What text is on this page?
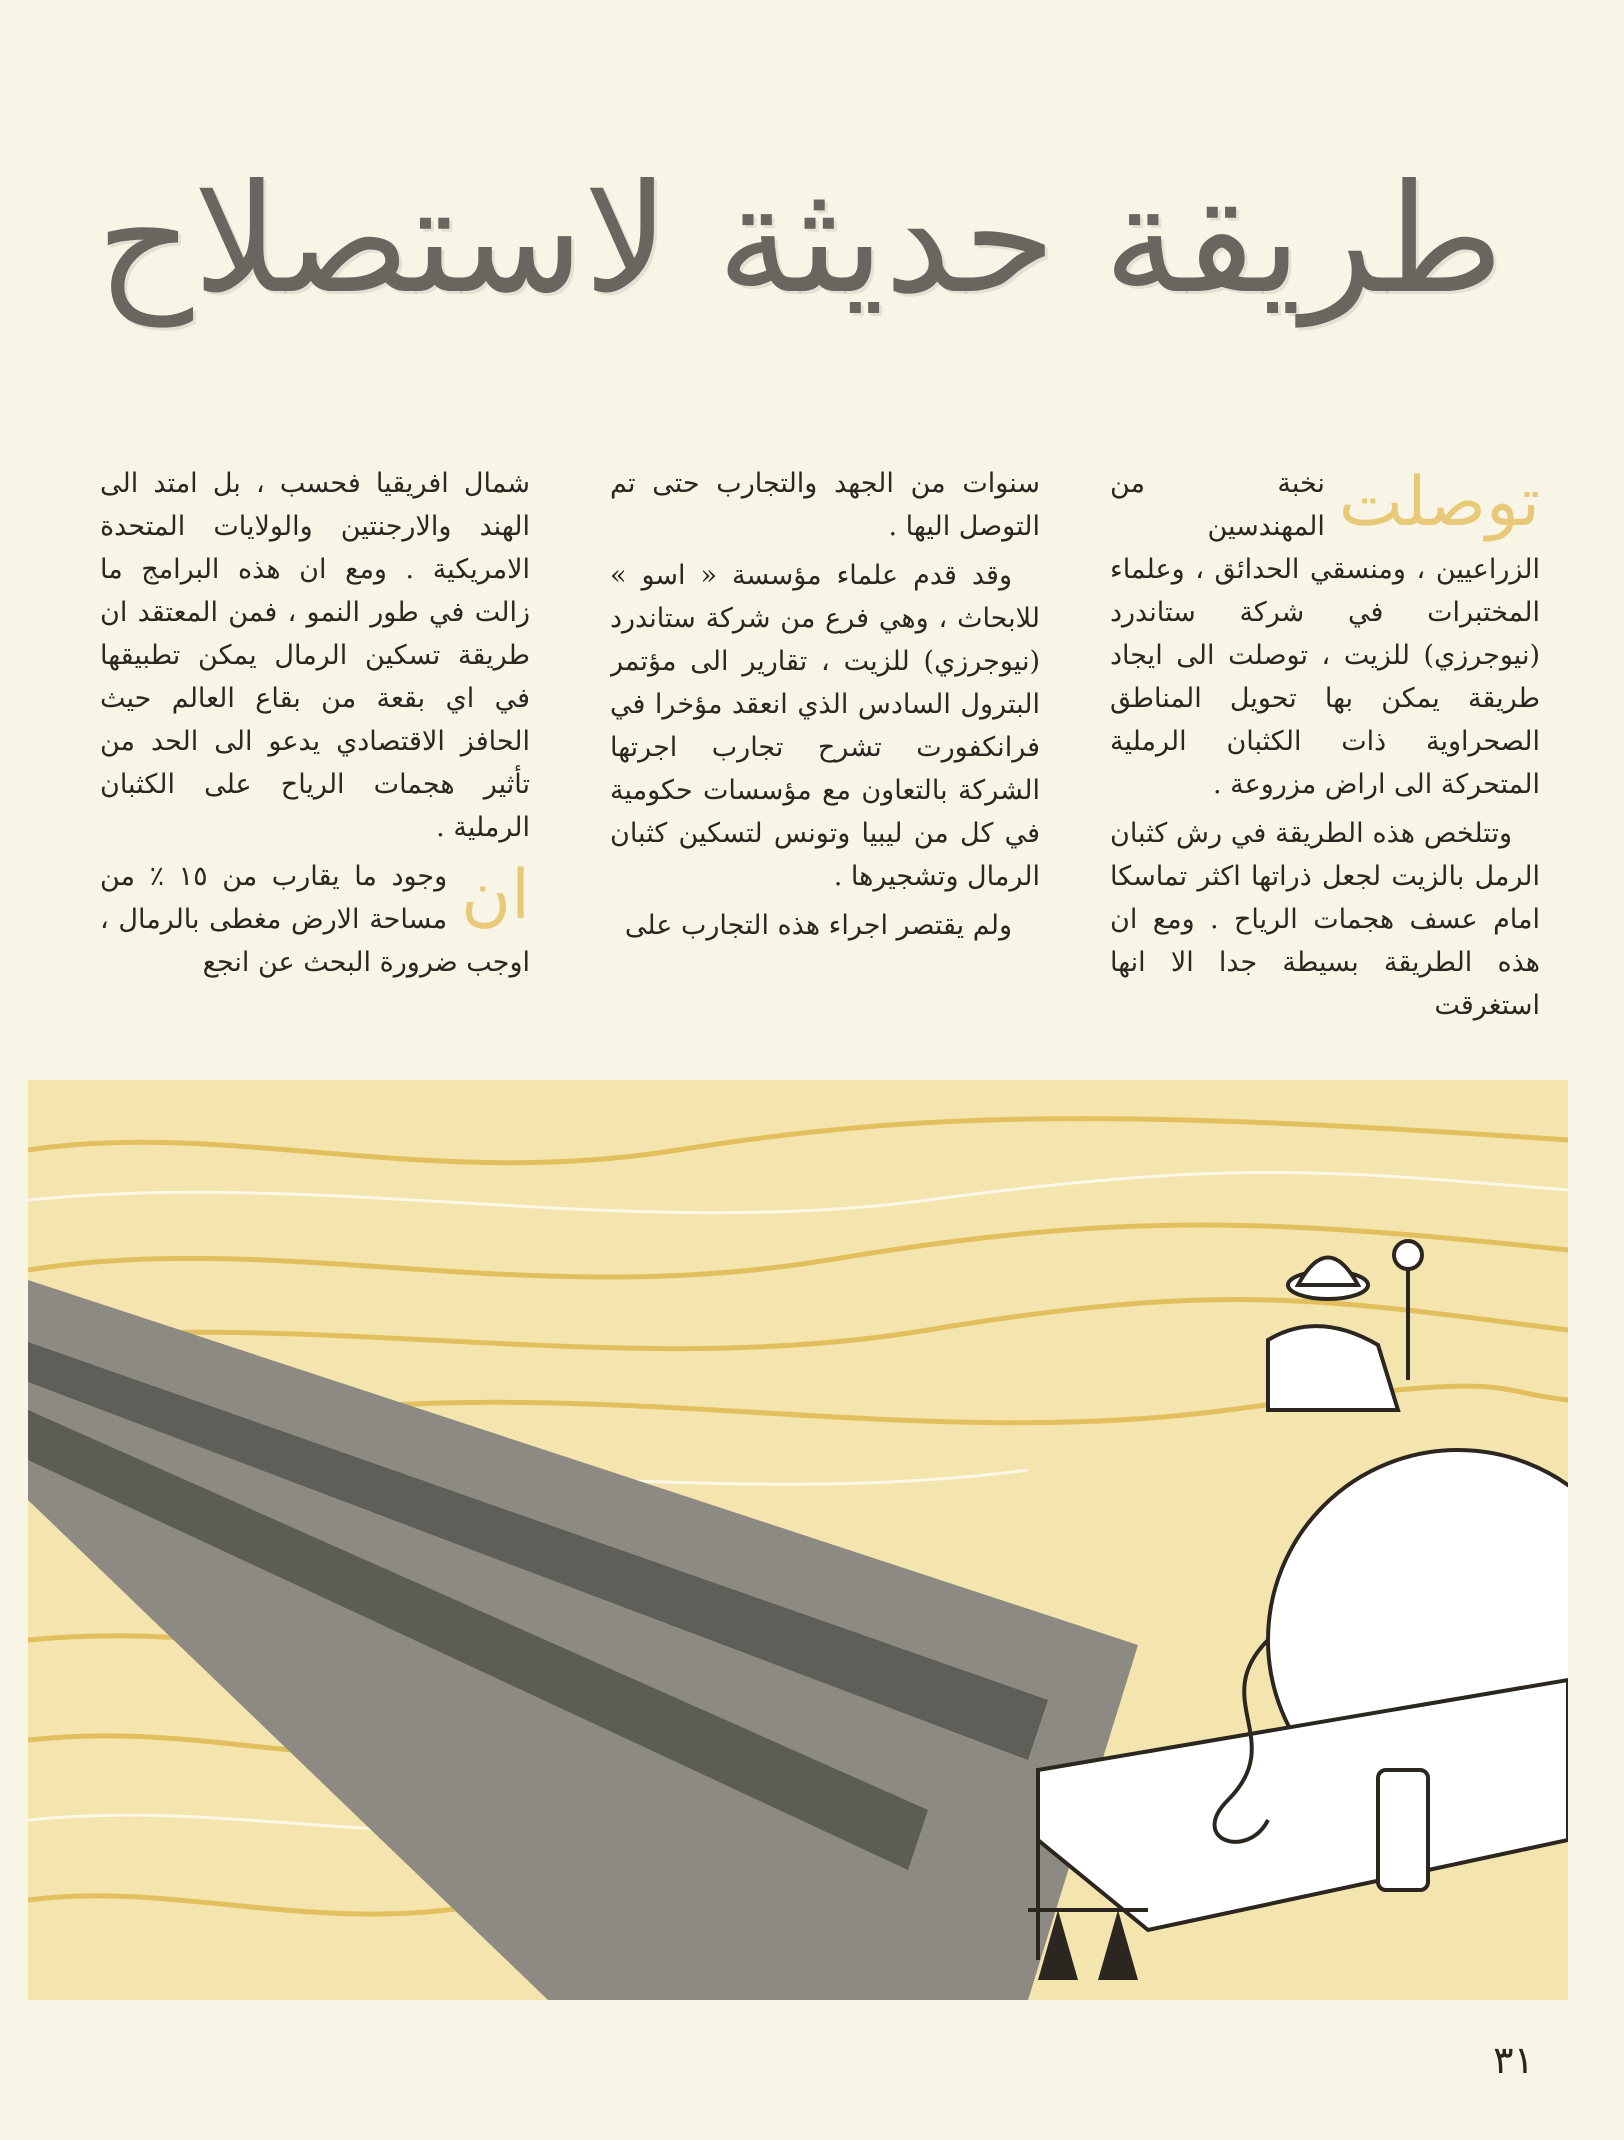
طريقة حديثة لاستصلاح
توصلت

نخبة من المهندسين الزراعيين ، ومنسقي الحدائق ، وعلماء المختبرات في شركة ستاندرد (نيوجرزي) للزيت ، توصلت الى ايجاد طريقة يمكن بها تحويل المناطق الصحراوية ذات الكثبان الرملية المتحركة الى اراض مزروعة .

وتتلخص هذه الطريقة في رش كثبان الرمل بالزيت لجعل ذراتها اكثر تماسكا امام عسف هجمات الرياح . ومع ان هذه الطريقة بسيطة جدا الا انها استغرقت

سنوات من الجهد والتجارب حتى تم التوصل اليها .

وقد قدم علماء مؤسسة « اسو » للابحاث ، وهي فرع من شركة ستاندرد (نيوجرزي) للزيت ، تقارير الى مؤتمر البترول السادس الذي انعقد مؤخرا في فرانكفورت تشرح تجارب اجرتها الشركة بالتعاون مع مؤسسات حكومية في كل من ليبيا وتونس لتسكين كثبان الرمال وتشجيرها .

ولم يقتصر اجراء هذه التجارب على

شمال افريقيا فحسب ، بل امتد الى الهند والارجنتين والولايات المتحدة الامريكية . ومع ان هذه البرامج ما زالت في طور النمو ، فمن المعتقد ان طريقة تسكين الرمال يمكن تطبيقها في اي بقعة من بقاع العالم حيث الحافز الاقتصادي يدعو الى الحد من تأثير هجمات الرياح على الكثبان الرملية .

ان

وجود ما يقارب من ١٥ ٪ من مساحة الارض مغطى بالرمال ، اوجب ضرورة البحث عن انجع

٣١
